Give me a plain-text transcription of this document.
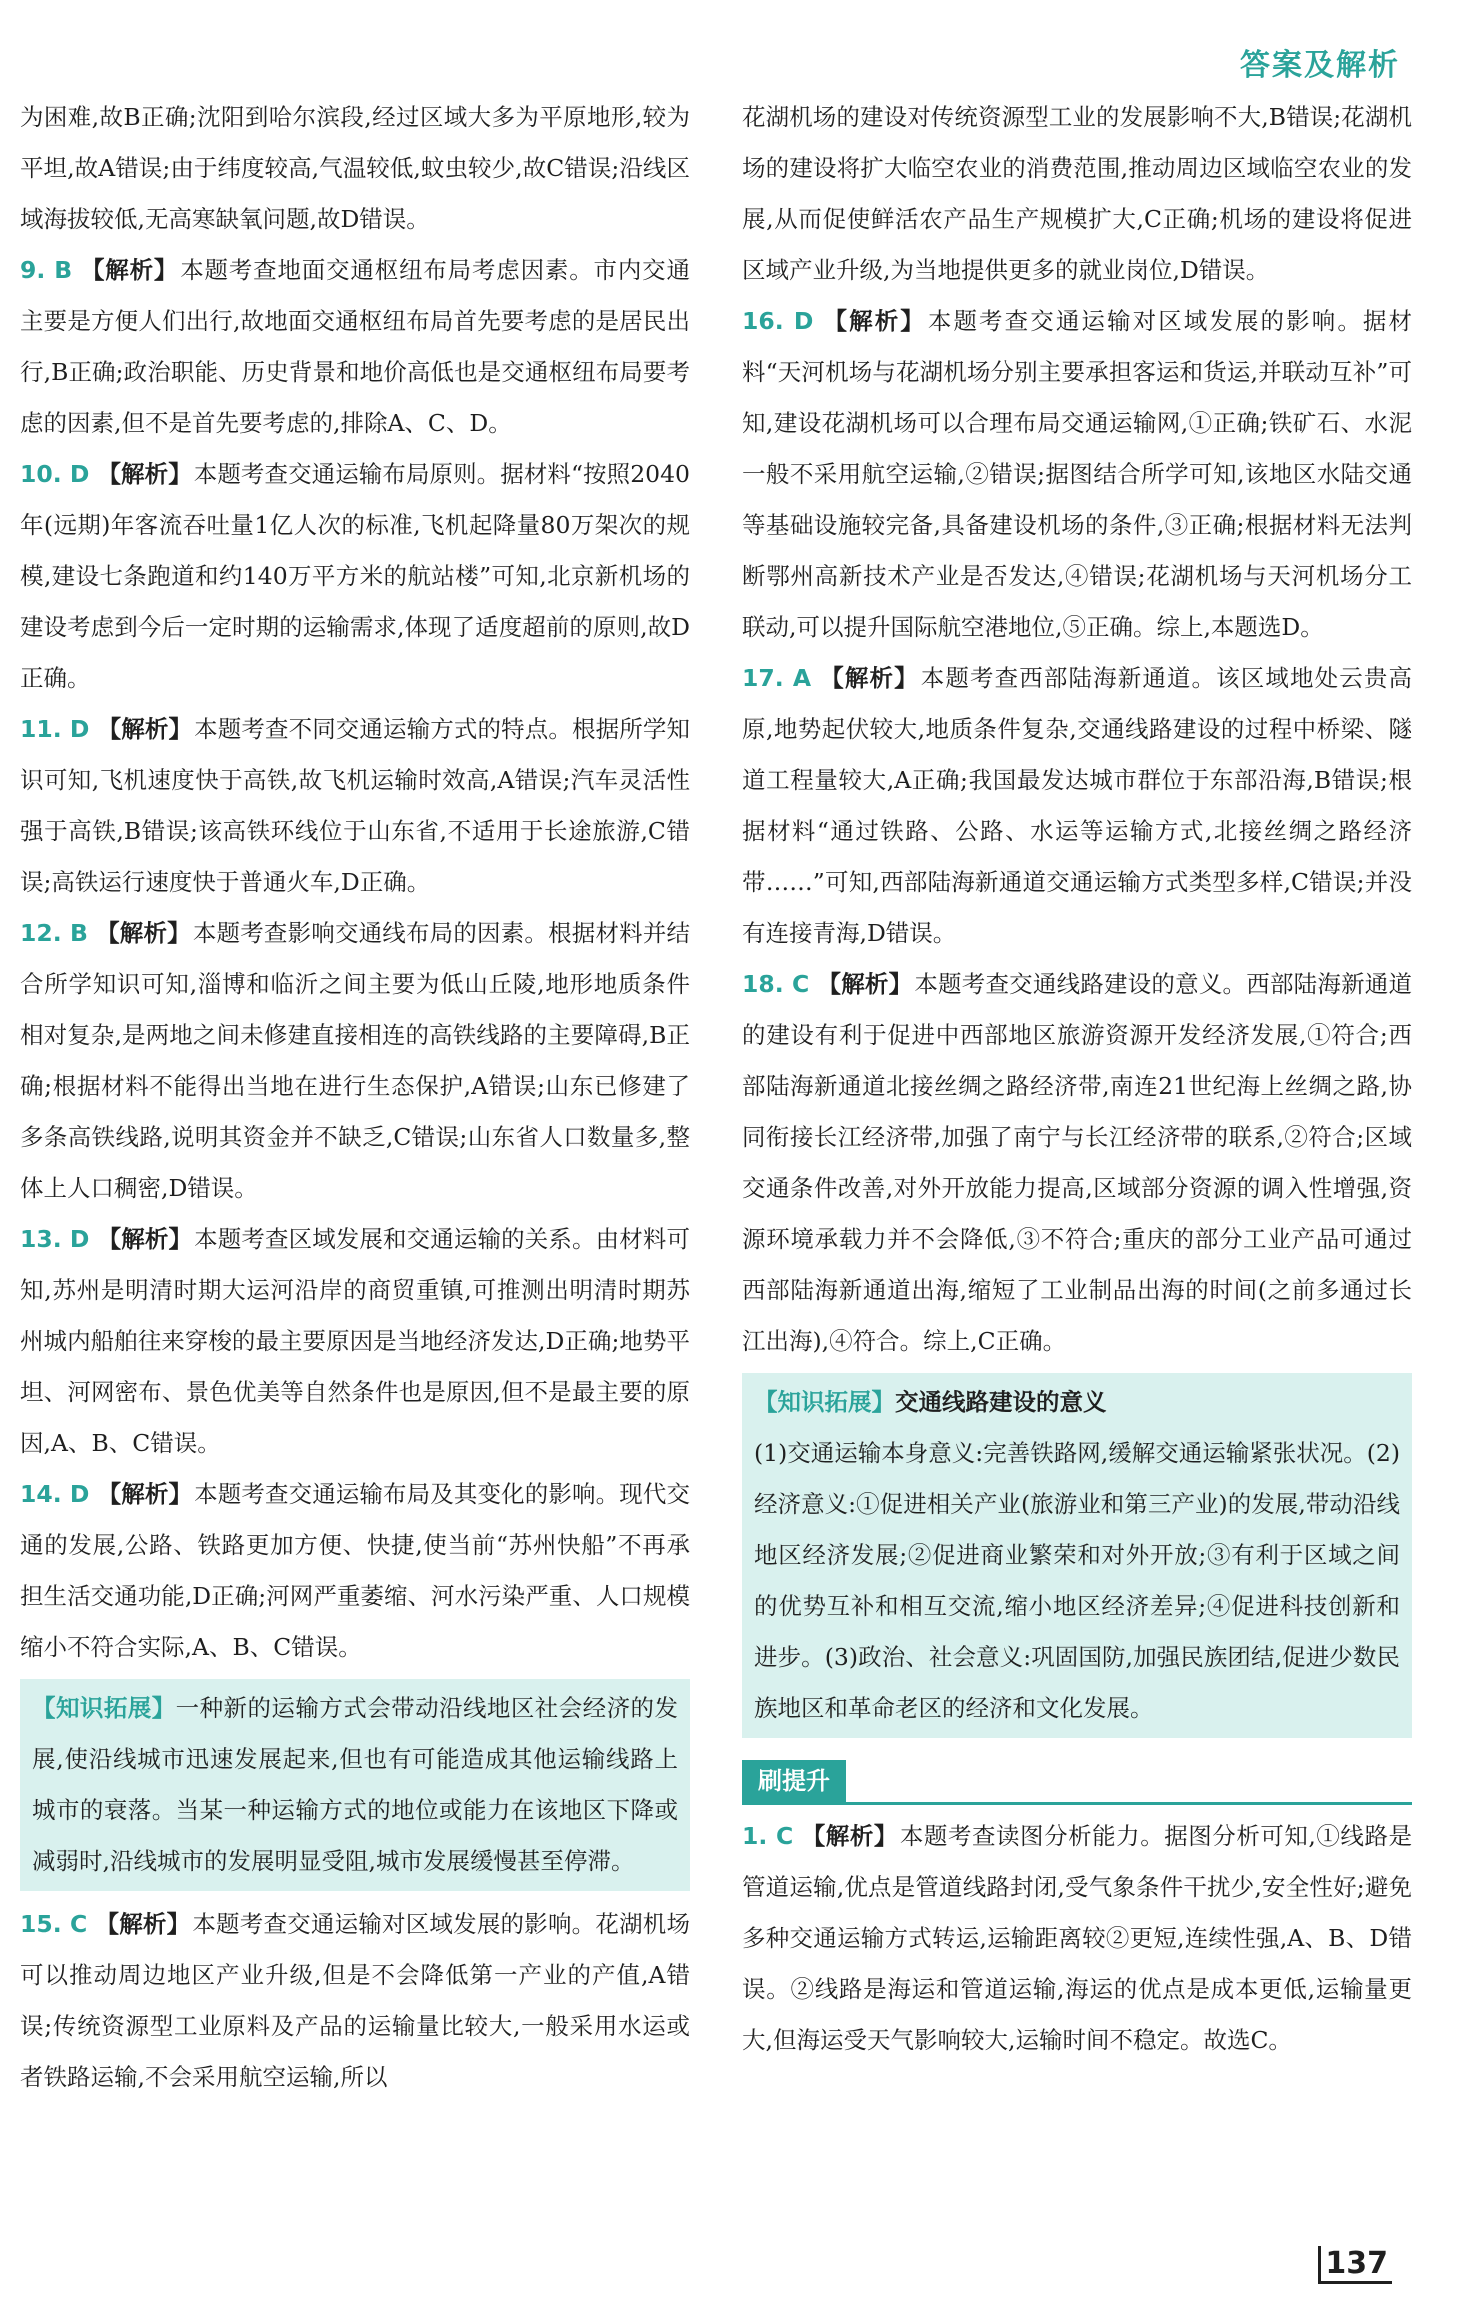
答案及解析

为困难,故B正确;沈阳到哈尔滨段,经过区域大多为平原地形,较为平坦,故A错误;由于纬度较高,气温较低,蚊虫较少,故C错误;沿线区域海拔较低,无高寒缺氧问题,故D错误。

9. B 【解析】本题考查地面交通枢纽布局考虑因素。市内交通主要是方便人们出行,故地面交通枢纽布局首先要考虑的是居民出行,B正确;政治职能、历史背景和地价高低也是交通枢纽布局要考虑的因素,但不是首先要考虑的,排除A、C、D。

10. D 【解析】本题考查交通运输布局原则。据材料“按照2040年(远期)年客流吞吐量1亿人次的标准,飞机起降量80万架次的规模,建设七条跑道和约140万平方米的航站楼”可知,北京新机场的建设考虑到今后一定时期的运输需求,体现了适度超前的原则,故D正确。

11. D 【解析】本题考查不同交通运输方式的特点。根据所学知识可知,飞机速度快于高铁,故飞机运输时效高,A错误;汽车灵活性强于高铁,B错误;该高铁环线位于山东省,不适用于长途旅游,C错误;高铁运行速度快于普通火车,D正确。

12. B 【解析】本题考查影响交通线布局的因素。根据材料并结合所学知识可知,淄博和临沂之间主要为低山丘陵,地形地质条件相对复杂,是两地之间未修建直接相连的高铁线路的主要障碍,B正确;根据材料不能得出当地在进行生态保护,A错误;山东已修建了多条高铁线路,说明其资金并不缺乏,C错误;山东省人口数量多,整体上人口稠密,D错误。

13. D 【解析】本题考查区域发展和交通运输的关系。由材料可知,苏州是明清时期大运河沿岸的商贸重镇,可推测出明清时期苏州城内船舶往来穿梭的最主要原因是当地经济发达,D正确;地势平坦、河网密布、景色优美等自然条件也是原因,但不是最主要的原因,A、B、C错误。

14. D 【解析】本题考查交通运输布局及其变化的影响。现代交通的发展,公路、铁路更加方便、快捷,使当前“苏州快船”不再承担生活交通功能,D正确;河网严重萎缩、河水污染严重、人口规模缩小不符合实际,A、B、C错误。

【知识拓展】一种新的运输方式会带动沿线地区社会经济的发展,使沿线城市迅速发展起来,但也有可能造成其他运输线路上城市的衰落。当某一种运输方式的地位或能力在该地区下降或减弱时,沿线城市的发展明显受阻,城市发展缓慢甚至停滞。

15. C 【解析】本题考查交通运输对区域发展的影响。花湖机场可以推动周边地区产业升级,但是不会降低第一产业的产值,A错误;传统资源型工业原料及产品的运输量比较大,一般采用水运或者铁路运输,不会采用航空运输,所以

花湖机场的建设对传统资源型工业的发展影响不大,B错误;花湖机场的建设将扩大临空农业的消费范围,推动周边区域临空农业的发展,从而促使鲜活农产品生产规模扩大,C正确;机场的建设将促进区域产业升级,为当地提供更多的就业岗位,D错误。

16. D 【解析】本题考查交通运输对区域发展的影响。据材料“天河机场与花湖机场分别主要承担客运和货运,并联动互补”可知,建设花湖机场可以合理布局交通运输网,①正确;铁矿石、水泥一般不采用航空运输,②错误;据图结合所学可知,该地区水陆交通等基础设施较完备,具备建设机场的条件,③正确;根据材料无法判断鄂州高新技术产业是否发达,④错误;花湖机场与天河机场分工联动,可以提升国际航空港地位,⑤正确。综上,本题选D。

17. A 【解析】本题考查西部陆海新通道。该区域地处云贵高原,地势起伏较大,地质条件复杂,交通线路建设的过程中桥梁、隧道工程量较大,A正确;我国最发达城市群位于东部沿海,B错误;根据材料“通过铁路、公路、水运等运输方式,北接丝绸之路经济带……”可知,西部陆海新通道交通运输方式类型多样,C错误;并没有连接青海,D错误。

18. C 【解析】本题考查交通线路建设的意义。西部陆海新通道的建设有利于促进中西部地区旅游资源开发经济发展,①符合;西部陆海新通道北接丝绸之路经济带,南连21世纪海上丝绸之路,协同衔接长江经济带,加强了南宁与长江经济带的联系,②符合;区域交通条件改善,对外开放能力提高,区域部分资源的调入性增强,资源环境承载力并不会降低,③不符合;重庆的部分工业产品可通过西部陆海新通道出海,缩短了工业制品出海的时间(之前多通过长江出海),④符合。综上,C正确。

【知识拓展】交通线路建设的意义
(1)交通运输本身意义:完善铁路网,缓解交通运输紧张状况。(2)经济意义:①促进相关产业(旅游业和第三产业)的发展,带动沿线地区经济发展;②促进商业繁荣和对外开放;③有利于区域之间的优势互补和相互交流,缩小地区经济差异;④促进科技创新和进步。(3)政治、社会意义:巩固国防,加强民族团结,促进少数民族地区和革命老区的经济和文化发展。
刷提升

1. C 【解析】本题考查读图分析能力。据图分析可知,①线路是管道运输,优点是管道线路封闭,受气象条件干扰少,安全性好;避免多种交通运输方式转运,运输距离较②更短,连续性强,A、B、D错误。②线路是海运和管道运输,海运的优点是成本更低,运输量更大,但海运受天气影响较大,运输时间不稳定。故选C。

137
